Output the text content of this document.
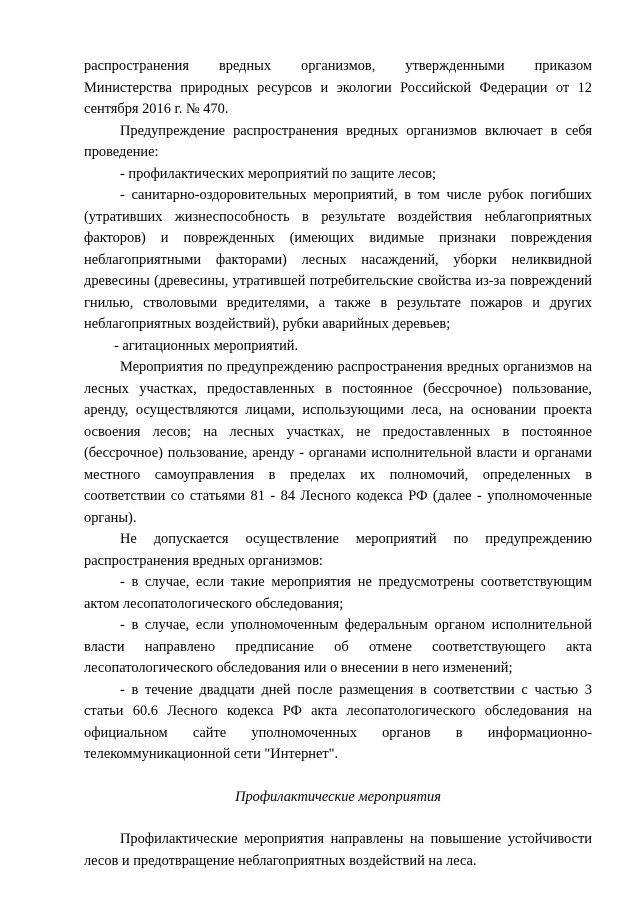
распространения вредных организмов, утвержденными приказом

Министерства природных ресурсов и экологии Российской Федерации от 12 сентября 2016 г. № 470.

Предупреждение распространения вредных организмов включает в себя проведение:

- профилактических мероприятий по защите лесов;

- санитарно-оздоровительных мероприятий, в том числе рубок погибших (утративших жизнеспособность в результате воздействия неблагоприятных факторов) и поврежденных (имеющих видимые признаки повреждения неблагоприятными факторами) лесных насаждений, уборки неликвидной древесины (древесины, утратившей потребительские свойства из-за повреждений гнилью, стволовыми вредителями, а также в результате пожаров и других неблагоприятных воздействий), рубки аварийных деревьев;

- агитационных мероприятий.

Мероприятия по предупреждению распространения вредных организмов на лесных участках, предоставленных в постоянное (бессрочное) пользование, аренду, осуществляются лицами, использующими леса, на основании проекта освоения лесов; на лесных участках, не предоставленных в постоянное (бессрочное) пользование, аренду - органами исполнительной власти и органами местного самоуправления в пределах их полномочий, определенных в соответствии со статьями 81 - 84 Лесного кодекса РФ (далее - уполномоченные органы).

Не допускается осуществление мероприятий по предупреждению распространения вредных организмов:

- в случае, если такие мероприятия не предусмотрены соответствующим актом лесопатологического обследования;

- в случае, если уполномоченным федеральным органом исполнительной власти направлено предписание об отмене соответствующего акта лесопатологического обследования или о внесении в него изменений;

- в течение двадцати дней после размещения в соответствии с частью 3 статьи 60.6 Лесного кодекса РФ акта лесопатологического обследования на официальном сайте уполномоченных органов в информационно-телекоммуникационной сети "Интернет".

Профилактические мероприятия

Профилактические мероприятия направлены на повышение устойчивости лесов и предотвращение неблагоприятных воздействий на леса.
